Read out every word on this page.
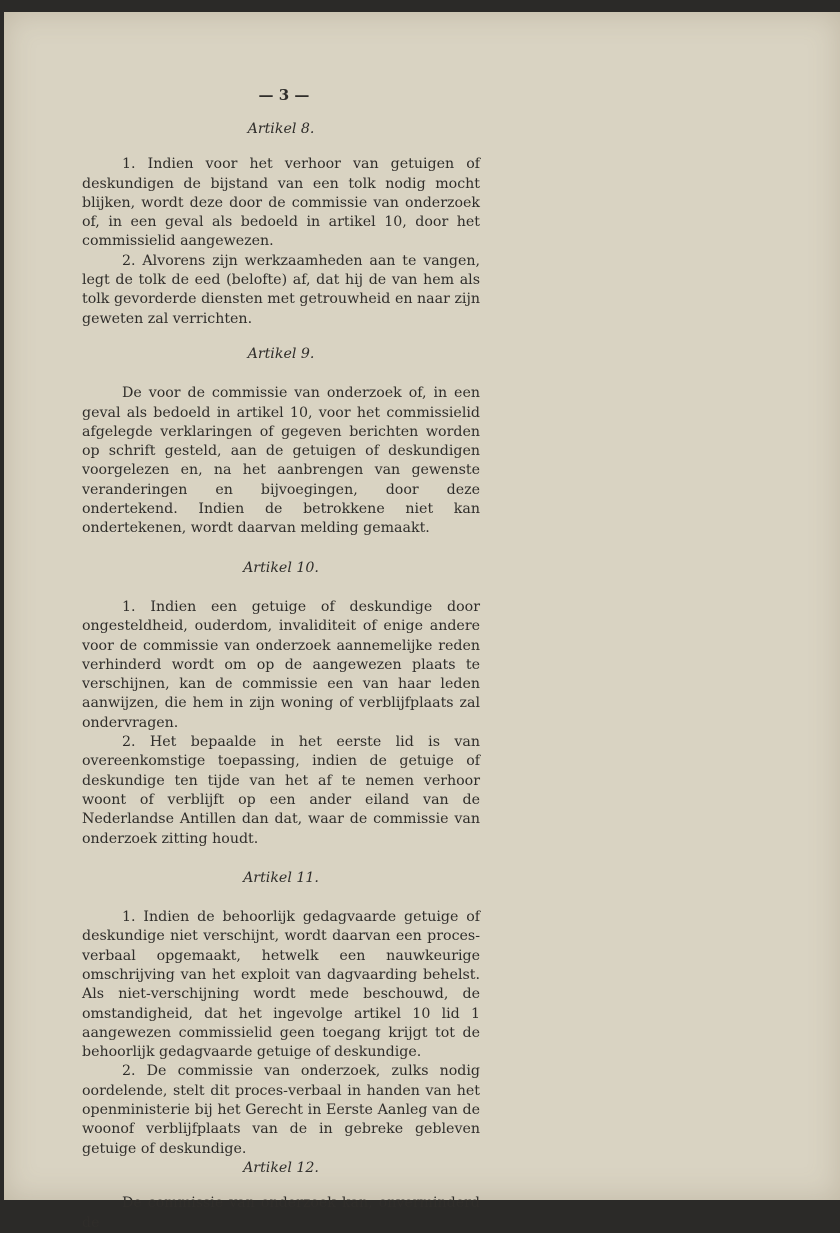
— 3 —

Artikel 8.

1. Indien voor het verhoor van getuigen of deskundigen de bijstand van een tolk nodig mocht blijken, wordt deze door de commissie van onderzoek of, in een geval als bedoeld in artikel 10, door het commissielid aangewezen.

2. Alvorens zijn werkzaamheden aan te vangen, legt de tolk de eed (belofte) af, dat hij de van hem als tolk gevorderde diensten met getrouwheid en naar zijn geweten zal verrichten.

Artikel 9.

De voor de commissie van onderzoek of, in een geval als bedoeld in artikel 10, voor het commissielid afgelegde verklaringen of gegeven berichten worden op schrift gesteld, aan de getuigen of deskundigen voorgelezen en, na het aanbrengen van gewenste veranderingen en bijvoegingen, door deze ondertekend. Indien de betrokkene niet kan ondertekenen, wordt daarvan melding gemaakt.

Artikel 10.

1. Indien een getuige of deskundige door ongesteldheid, ouderdom, invaliditeit of enige andere voor de commissie van onderzoek aannemelijke reden verhinderd wordt om op de aangewezen plaats te verschijnen, kan de commissie een van haar leden aanwijzen, die hem in zijn woning of verblijfplaats zal ondervragen.

2. Het bepaalde in het eerste lid is van overeenkomstige toepassing, indien de getuige of deskundige ten tijde van het af te nemen verhoor woont of verblijft op een ander eiland van de Nederlandse Antillen dan dat, waar de commissie van onderzoek zitting houdt.

Artikel 11.

1. Indien de behoorlijk gedagvaarde getuige of deskundige niet verschijnt, wordt daarvan een proces-verbaal opgemaakt, hetwelk een nauwkeurige omschrijving van het exploit van dagvaarding behelst. Als niet-verschijning wordt mede beschouwd, de omstandigheid, dat het ingevolge artikel 10 lid 1 aangewezen commissielid geen toegang krijgt tot de behoorlijk gedagvaarde getuige of deskundige.

2. De commissie van onderzoek, zulks nodig oordelende, stelt dit proces-verbaal in handen van het openministerie bij het Gerecht in Eerste Aanleg van de woonof verblijfplaats van de in gebreke gebleven getuige of deskundige.

Artikel 12.

De commissie van onderzoek kan, onverminderd de
